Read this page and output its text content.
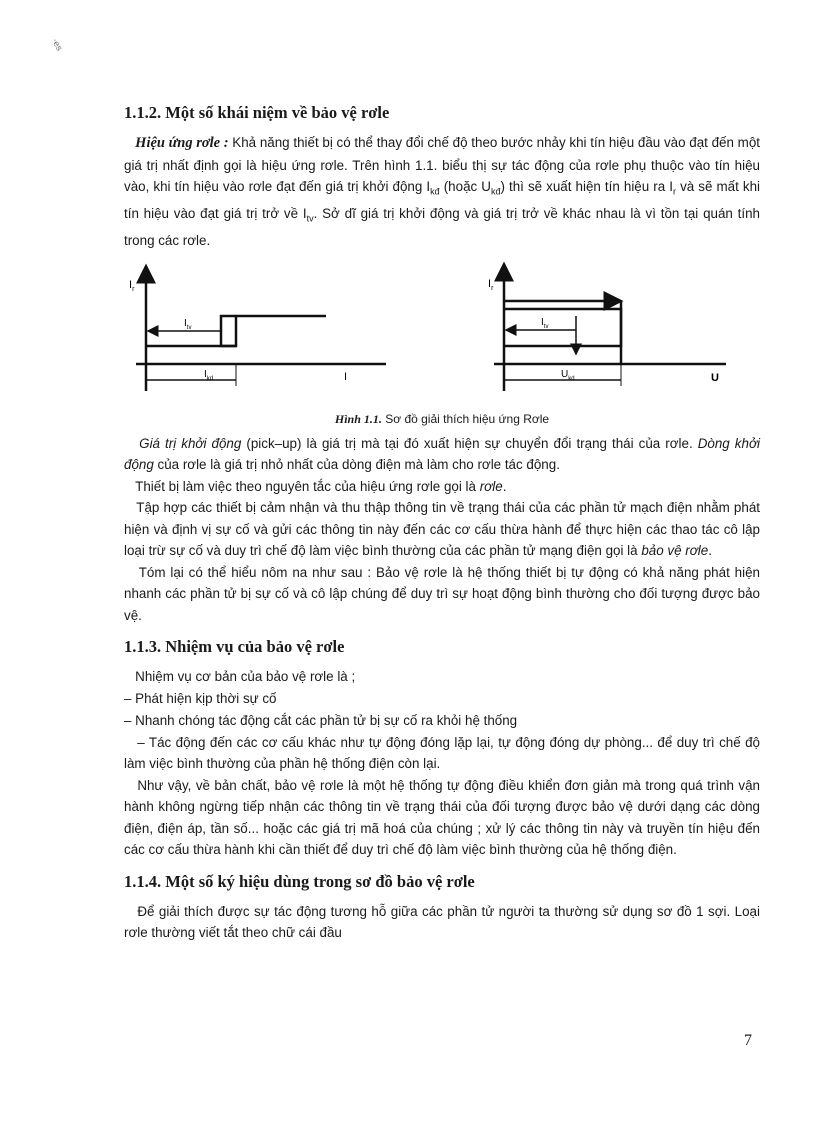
·es
1.1.2. Một số khái niệm về bảo vệ rơle

Hiệu ứng rơle : Khả năng thiết bị có thể thay đổi chế độ theo bước nhảy khi tín hiệu đầu vào đạt đến một giá trị nhất định gọi là hiệu ứng rơle. Trên hình 1.1. biểu thị sự tác động của rơle phụ thuộc vào tín hiệu vào, khi tín hiệu vào rơle đạt đến giá trị khởi động $I_{kđ}$ (hoặc $U_{kđ}$) thì sẽ xuất hiện tín hiệu ra $I_r$ và sẽ mất khi tín hiệu vào đạt giá trị trở về $I_{tv}$. Sở dĩ giá trị khởi động và giá trị trở về khác nhau là vì tồn tại quán tính trong các rơle.

$I_r$
$I_{tv}$
$I_{kd}$	I
$I_r$
$I_{tv}$
$U_{kd}$	U
Hình 1.1. Sơ đồ giải thích hiệu ứng Rơle

Giá trị khởi động (pick–up) là giá trị mà tại đó xuất hiện sự chuyển đổi trạng thái của rơle. Dòng khởi động của rơle là giá trị nhỏ nhất của dòng điện mà làm cho rơle tác động.

Thiết bị làm việc theo nguyên tắc của hiệu ứng rơle gọi là rơle.

Tập hợp các thiết bị cảm nhận và thu thập thông tin về trạng thái của các phần tử mạch điện nhằm phát hiện và định vị sự cố và gửi các thông tin này đến các cơ cấu thừa hành để thực hiện các thao tác cô lập loại trừ sự cố và duy trì chế độ làm việc bình thường của các phần tử mạng điện gọi là bảo vệ rơle.

Tóm lại có thể hiểu nôm na như sau : Bảo vệ rơle là hệ thống thiết bị tự động có khả năng phát hiện nhanh các phần tử bị sự cố và cô lập chúng để duy trì sự hoạt động bình thường cho đối tượng được bảo vệ.

1.1.3. Nhiệm vụ của bảo vệ rơle

Nhiệm vụ cơ bản của bảo vệ rơle là ;

– Phát hiện kịp thời sự cố
– Nhanh chóng tác động cắt các phần tử bị sự cố ra khỏi hệ thống

– Tác động đến các cơ cấu khác như tự động đóng lặp lại, tự động đóng dự phòng... để duy trì chế độ làm việc bình thường của phần hệ thống điện còn lại.

Như vậy, về bản chất, bảo vệ rơle là một hệ thống tự động điều khiển đơn giản mà trong quá trình vận hành không ngừng tiếp nhận các thông tin về trạng thái của đối tượng được bảo vệ dưới dạng các dòng điện, điện áp, tần số... hoặc các giá trị mã hoá của chúng ; xử lý các thông tin này và truyền tín hiệu đến các cơ cấu thừa hành khi cần thiết để duy trì chế độ làm việc bình thường của hệ thống điện.

1.1.4. Một số ký hiệu dùng trong sơ đồ bảo vệ rơle

Để giải thích được sự tác động tương hỗ giữa các phần tử người ta thường sử dụng sơ đồ 1 sợi. Loại rơle thường viết tắt theo chữ cái đầu

7
